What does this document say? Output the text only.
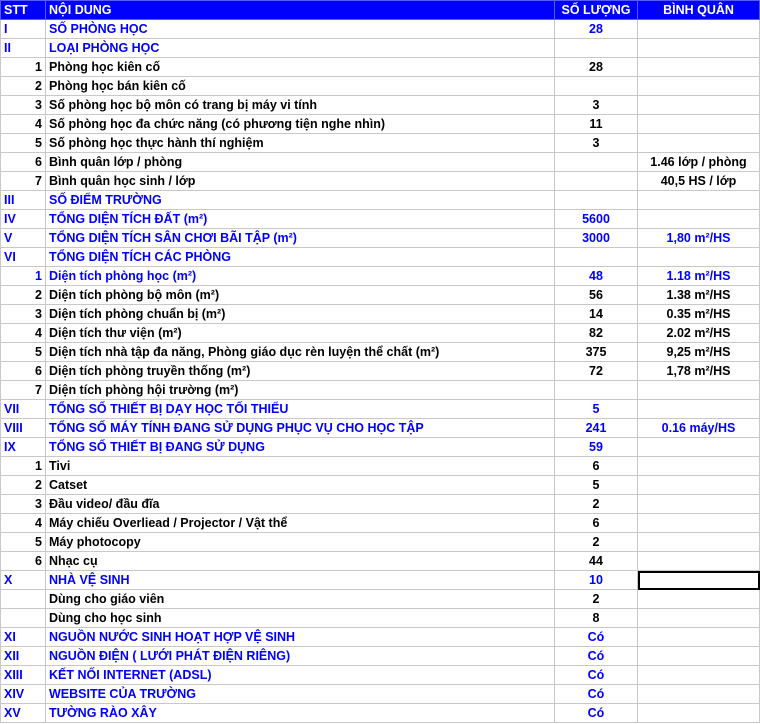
STT	NỘI DUNG	SỐ LƯỢNG	BÌNH QUÂN
I	SỐ PHÒNG HỌC	28	
II	LOẠI PHÒNG HỌC		
1	Phòng học kiên cố	28	
2	Phòng học bán kiên cố		
3	Số phòng học bộ môn có trang bị máy vi tính	3	
4	Số phòng học đa chức năng (có phương tiện nghe nhìn)	11	
5	Số phòng học thực hành thí nghiệm	3	
6	Bình quân lớp / phòng		1.46 lớp / phòng
7	Bình quân học sinh / lớp		40,5 HS / lớp
III	SỐ ĐIỂM TRƯỜNG		
IV	TỔNG DIỆN TÍCH ĐẤT (m²)	5600	
V	TỔNG DIỆN TÍCH SÂN CHƠI BÃI TẬP (m²)	3000	1,80 m²/HS
VI	TỔNG DIỆN TÍCH CÁC PHÒNG		
1	Diện tích phòng học (m²)	48	1.18 m²/HS
2	Diện tích phòng bộ môn (m²)	56	1.38 m²/HS
3	Diện tích phòng chuẩn bị (m²)	14	0.35 m²/HS
4	Diện tích thư viện (m²)	82	2.02 m²/HS
5	Diện tích nhà tập đa năng, Phòng giáo dục rèn luyện thể chất (m²)	375	9,25 m²/HS
6	Diện tích phòng truyền thống (m²)	72	1,78 m²/HS
7	Diện tích phòng hội trường (m²)		
VII	TỔNG SỐ THIẾT BỊ DẠY HỌC TỐI THIỂU	5	
VIII	TỔNG SỐ MÁY TÍNH ĐANG SỬ DỤNG PHỤC VỤ CHO HỌC TẬP	241	0.16 máy/HS
IX	TỔNG SỐ THIẾT BỊ ĐANG SỬ DỤNG	59	
1	Tivi	6	
2	Catset	5	
3	Đầu video/ đầu đĩa	2	
4	Máy chiếu Overliead / Projector / Vật thể	6	
5	Máy photocopy	2	
6	Nhạc cụ	44	
X	NHÀ VỆ SINH	10	
	Dùng cho giáo viên	2	
	Dùng cho học sinh	8	
XI	NGUỒN NƯỚC SINH HOẠT HỢP VỆ SINH	Có	
XII	NGUỒN ĐIỆN ( LƯỚI PHÁT ĐIỆN RIÊNG)	Có	
XIII	KẾT NỐI INTERNET (ADSL)	Có	
XIV	WEBSITE CỦA TRƯỜNG	Có	
XV	TƯỜNG RÀO XÂY	Có	
